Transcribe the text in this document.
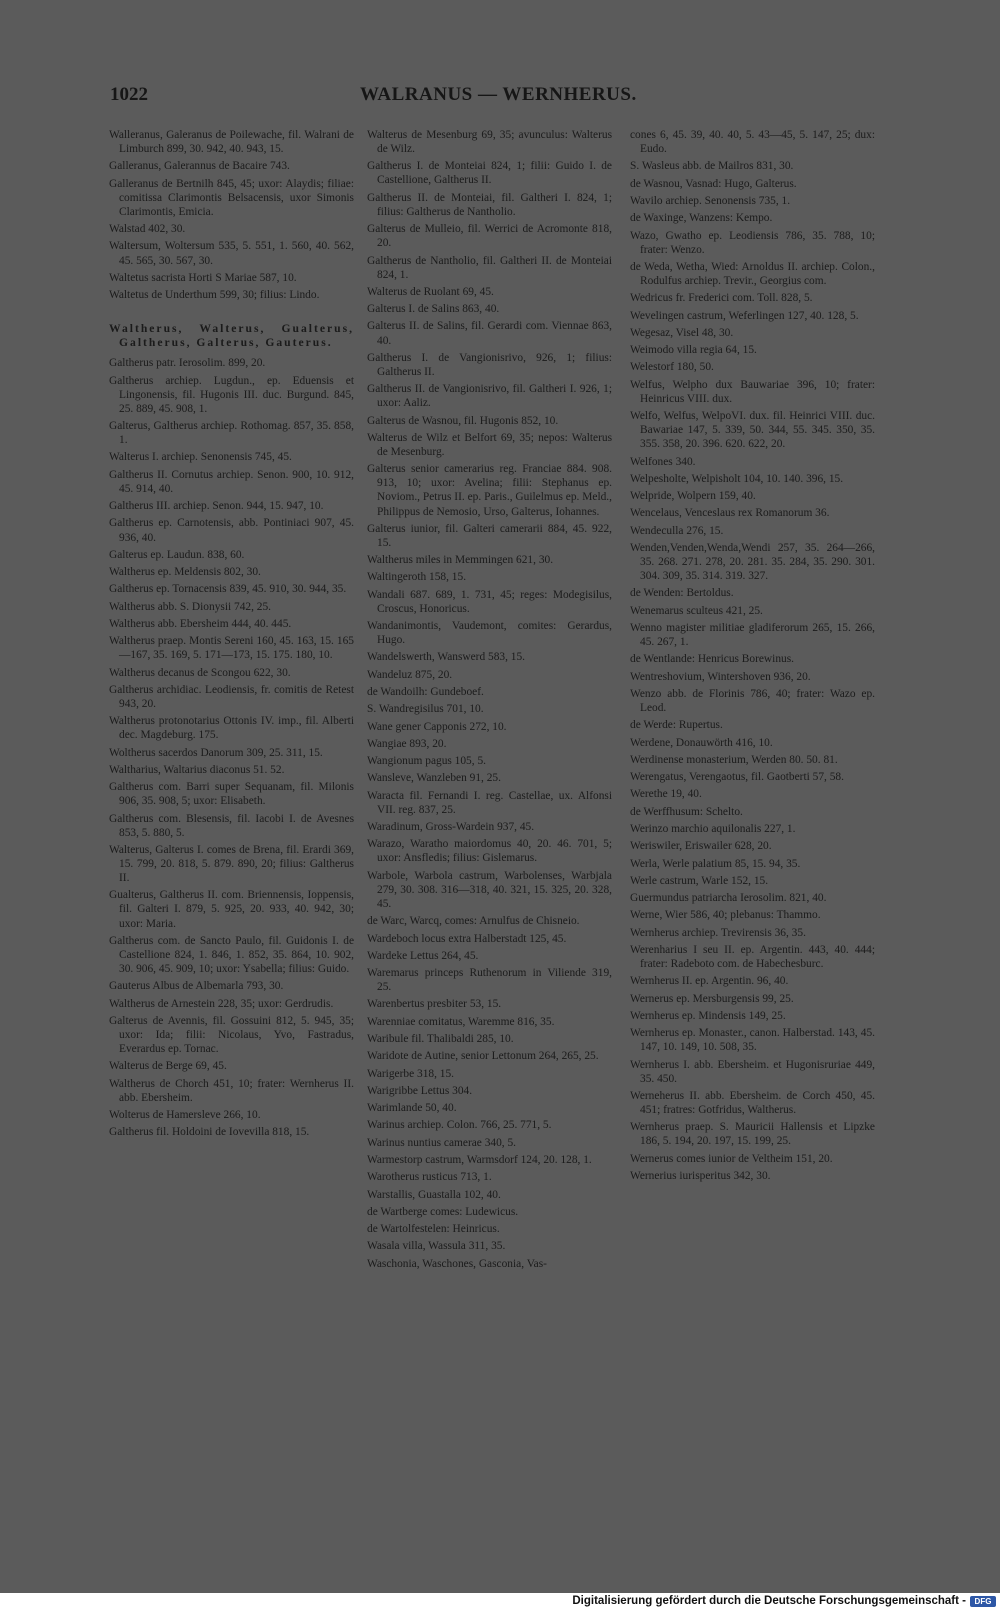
1022	WALRANUS — WERNHERUS.

Walleranus, Galeranus de Poilewache, fil. Walrani de Limburch 899, 30. 942, 40. 943, 15.

Galleranus, Galerannus de Bacaire 743.

Galleranus de Bertnilh 845, 45; uxor: Alaydis; filiae: comitissa Clarimontis Belsacensis, uxor Simonis Clarimontis, Emicia.

Walstad 402, 30.

Waltersum, Woltersum 535, 5. 551, 1. 560, 40. 562, 45. 565, 30. 567, 30.

Waltetus sacrista Horti S Mariae 587, 10.

Waltetus de Underthum 599, 30; filius: Lindo.

Waltherus, Walterus, Gualterus, Galtherus, Galterus, Gauterus.

Galtherus patr. Ierosolim. 899, 20.

Galtherus archiep. Lugdun., ep. Eduensis et Lingonensis, fil. Hugonis III. duc. Burgund. 845, 25. 889, 45. 908, 1.

Galterus, Galtherus archiep. Rothomag. 857, 35. 858, 1.

Walterus I. archiep. Senonensis 745, 45.

Galtherus II. Cornutus archiep. Senon. 900, 10. 912, 45. 914, 40.

Galtherus III. archiep. Senon. 944, 15. 947, 10.

Galtherus ep. Carnotensis, abb. Pontiniaci 907, 45. 936, 40.

Galterus ep. Laudun. 838, 60.

Waltherus ep. Meldensis 802, 30.

Galtherus ep. Tornacensis 839, 45. 910, 30. 944, 35.

Waltherus abb. S. Dionysii 742, 25.

Waltherus abb. Ebersheim 444, 40. 445.

Waltherus praep. Montis Sereni 160, 45. 163, 15. 165—167, 35. 169, 5. 171—173, 15. 175. 180, 10.

Waltherus decanus de Scongou 622, 30.

Galtherus archidiac. Leodiensis, fr. comitis de Retest 943, 20.

Waltherus protonotarius Ottonis IV. imp., fil. Alberti dec. Magdeburg. 175.

Woltherus sacerdos Danorum 309, 25. 311, 15.

Waltharius, Waltarius diaconus 51. 52.

Galtherus com. Barri super Sequanam, fil. Milonis 906, 35. 908, 5; uxor: Elisabeth.

Galtherus com. Blesensis, fil. Iacobi I. de Avesnes 853, 5. 880, 5.

Walterus, Galterus I. comes de Brena, fil. Erardi 369, 15. 799, 20. 818, 5. 879. 890, 20; filius: Galtherus II.

Gualterus, Galtherus II. com. Briennensis, Ioppensis, fil. Galteri I. 879, 5. 925, 20. 933, 40. 942, 30; uxor: Maria.

Galtherus com. de Sancto Paulo, fil. Guidonis I. de Castellione 824, 1. 846, 1. 852, 35. 864, 10. 902, 30. 906, 45. 909, 10; uxor: Ysabella; filius: Guido.

Gauterus Albus de Albemarla 793, 30.

Waltherus de Arnestein 228, 35; uxor: Gerdrudis.

Galterus de Avennis, fil. Gossuini 812, 5. 945, 35; uxor: Ida; filii: Nicolaus, Yvo, Fastradus, Everardus ep. Tornac.

Walterus de Berge 69, 45.

Waltherus de Chorch 451, 10; frater: Wernherus II. abb. Ebersheim.

Wolterus de Hamersleve 266, 10.

Galtherus fil. Holdoini de Iovevilla 818, 15.

Walterus de Mesenburg 69, 35; avunculus: Walterus de Wilz.

Galtherus I. de Monteiai 824, 1; filii: Guido I. de Castellione, Galtherus II.

Galtherus II. de Monteiai, fil. Galtheri I. 824, 1; filius: Galtherus de Nantholio.

Galterus de Mulleio, fil. Werrici de Acromonte 818, 20.

Galtherus de Nantholio, fil. Galtheri II. de Monteiai 824, 1.

Walterus de Ruolant 69, 45.

Galterus I. de Salins 863, 40.

Galterus II. de Salins, fil. Gerardi com. Viennae 863, 40.

Galtherus I. de Vangionisrivo, 926, 1; filius: Galtherus II.

Galtherus II. de Vangionisrivo, fil. Galtheri I. 926, 1; uxor: Aaliz.

Galterus de Wasnou, fil. Hugonis 852, 10.

Walterus de Wilz et Belfort 69, 35; nepos: Walterus de Mesenburg.

Galterus senior camerarius reg. Franciae 884. 908. 913, 10; uxor: Avelina; filii: Stephanus ep. Noviom., Petrus II. ep. Paris., Guilelmus ep. Meld., Philippus de Nemosio, Urso, Galterus, Iohannes.

Galterus iunior, fil. Galteri camerarii 884, 45. 922, 15.

Waltherus miles in Memmingen 621, 30.

Waltingeroth 158, 15.

Wandali 687. 689, 1. 731, 45; reges: Modegisilus, Croscus, Honoricus.

Wandanimontis, Vaudemont, comites: Gerardus, Hugo.

Wandelswerth, Wanswerd 583, 15.

Wandeluz 875, 20.

de Wandoilh: Gundeboef.

S. Wandregisilus 701, 10.

Wane gener Capponis 272, 10.

Wangiae 893, 20.

Wangionum pagus 105, 5.

Wansleve, Wanzleben 91, 25.

Waracta fil. Fernandi I. reg. Castellae, ux. Alfonsi VII. reg. 837, 25.

Waradinum, Gross-Wardein 937, 45.

Warazo, Waratho maiordomus 40, 20. 46. 701, 5; uxor: Ansfledis; filius: Gislemarus.

Warbole, Warbola castrum, Warbolenses, Warbjala 279, 30. 308. 316—318, 40. 321, 15. 325, 20. 328, 45.

de Warc, Warcq, comes: Arnulfus de Chisneio.

Wardeboch locus extra Halberstadt 125, 45.

Wardeke Lettus 264, 45.

Waremarus princeps Ruthenorum in Viliende 319, 25.

Warenbertus presbiter 53, 15.

Warenniae comitatus, Waremme 816, 35.

Waribule fil. Thalibaldi 285, 10.

Waridote de Autine, senior Lettonum 264, 265, 25.

Warigerbe 318, 15.

Warigribbe Lettus 304.

Warimlande 50, 40.

Warinus archiep. Colon. 766, 25. 771, 5.

Warinus nuntius camerae 340, 5.

Warmestorp castrum, Warmsdorf 124, 20. 128, 1.

Warotherus rusticus 713, 1.

Warstallis, Guastalla 102, 40.

de Wartberge comes: Ludewicus.

de Wartolfestelen: Heinricus.

Wasala villa, Wassula 311, 35.

Waschonia, Waschones, Gasconia, Vas-

cones 6, 45. 39, 40. 40, 5. 43—45, 5. 147, 25; dux: Eudo.

S. Wasleus abb. de Mailros 831, 30.

de Wasnou, Vasnad: Hugo, Galterus.

Wavilo archiep. Senonensis 735, 1.

de Waxinge, Wanzens: Kempo.

Wazo, Gwatho ep. Leodiensis 786, 35. 788, 10; frater: Wenzo.

de Weda, Wetha, Wied: Arnoldus II. archiep. Colon., Rodulfus archiep. Trevir., Georgius com.

Wedricus fr. Frederici com. Toll. 828, 5.

Wevelingen castrum, Weferlingen 127, 40. 128, 5.

Wegesaz, Visel 48, 30.

Weimodo villa regia 64, 15.

Welestorf 180, 50.

Welfus, Welpho dux Bauwariae 396, 10; frater: Heinricus VIII. dux.

Welfo, Welfus, WelpoVI. dux. fil. Heinrici VIII. duc. Bawariae 147, 5. 339, 50. 344, 55. 345. 350, 35. 355. 358, 20. 396. 620. 622, 20.

Welfones 340.

Welpesholte, Welpisholt 104, 10. 140. 396, 15.

Welpride, Wolpern 159, 40.

Wencelaus, Venceslaus rex Romanorum 36.

Wendeculla 276, 15.

Wenden,Venden,Wenda,Wendi 257, 35. 264—266, 35. 268. 271. 278, 20. 281. 35. 284, 35. 290. 301. 304. 309, 35. 314. 319. 327.

de Wenden: Bertoldus.

Wenemarus sculteus 421, 25.

Wenno magister militiae gladiferorum 265, 15. 266, 45. 267, 1.

de Wentlande: Henricus Borewinus.

Wentreshovium, Wintershoven 936, 20.

Wenzo abb. de Florinis 786, 40; frater: Wazo ep. Leod.

de Werde: Rupertus.

Werdene, Donauwörth 416, 10.

Werdinense monasterium, Werden 80. 50. 81.

Werengatus, Verengaotus, fil. Gaotberti 57, 58.

Werethe 19, 40.

de Werffhusum: Schelto.

Werinzo marchio aquilonalis 227, 1.

Weriswiler, Eriswailer 628, 20.

Werla, Werle palatium 85, 15. 94, 35.

Werle castrum, Warle 152, 15.

Guermundus patriarcha Ierosolim. 821, 40.

Werne, Wier 586, 40; plebanus: Thammo.

Wernherus archiep. Trevirensis 36, 35.

Werenharius I seu II. ep. Argentin. 443, 40. 444; frater: Radeboto com. de Habechesburc.

Wernherus II. ep. Argentin. 96, 40.

Wernerus ep. Mersburgensis 99, 25.

Wernherus ep. Mindensis 149, 25.

Wernherus ep. Monaster., canon. Halberstad. 143, 45. 147, 10. 149, 10. 508, 35.

Wernherus I. abb. Ebersheim. et Hugonisruriae 449, 35. 450.

Werneherus II. abb. Ebersheim. de Corch 450, 45. 451; fratres: Gotfridus, Waltherus.

Wernherus praep. S. Mauricii Hallensis et Lipzke 186, 5. 194, 20. 197, 15. 199, 25.

Wernerus comes iunior de Veltheim 151, 20.

Wernerius iurisperitus 342, 30.

Digitalisierung gefördert durch die Deutsche Forschungsgemeinschaft -	DFG
